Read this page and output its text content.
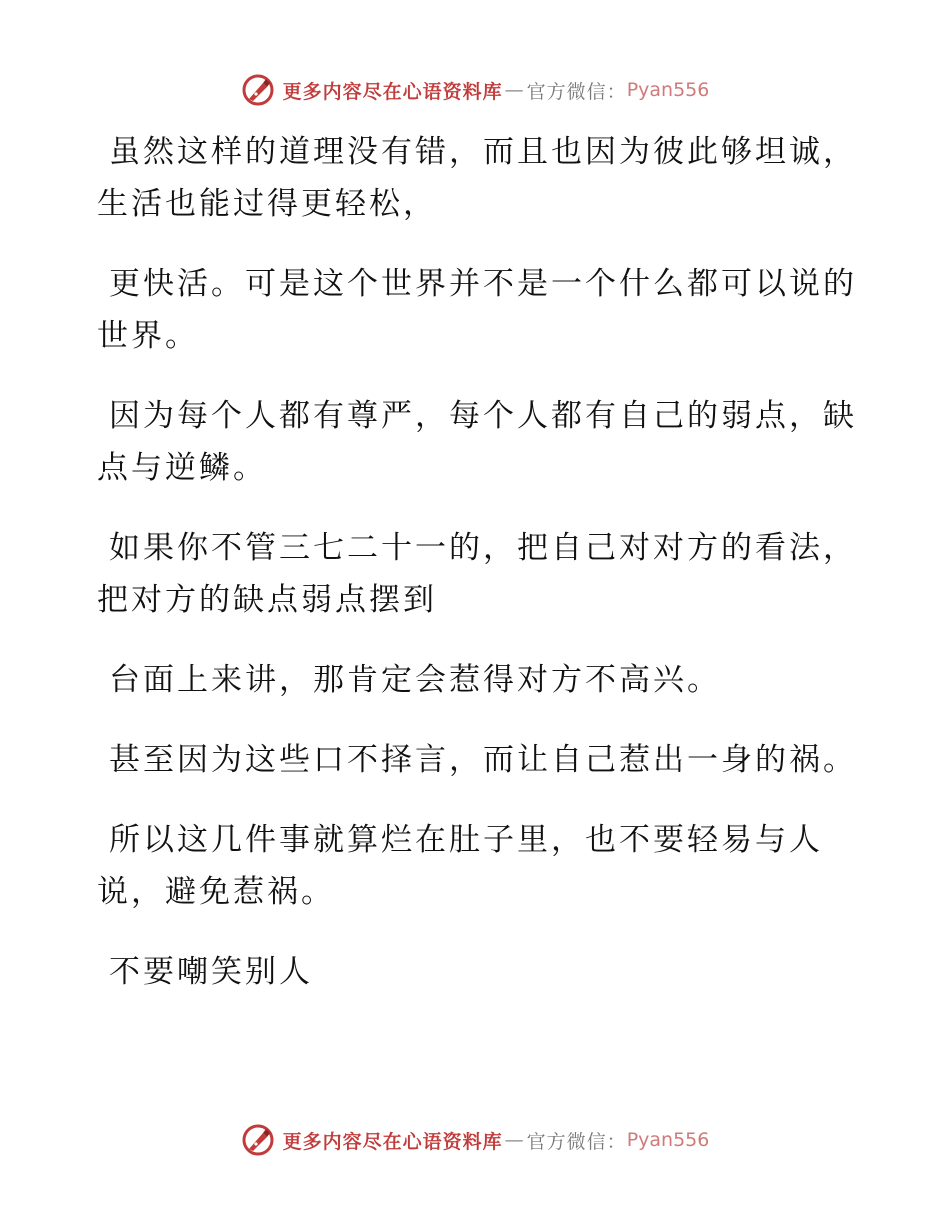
更多内容尽在心语资料库 — 官方微信： Pyan556

虽然这样的道理没有错，而且也因为彼此够坦诚，生活也能过得更轻松，

更快活。可是这个世界并不是一个什么都可以说的世界。

因为每个人都有尊严，每个人都有自己的弱点，缺点与逆鳞。

如果你不管三七二十一的，把自己对对方的看法，把对方的缺点弱点摆到

台面上来讲，那肯定会惹得对方不高兴。

甚至因为这些口不择言，而让自己惹出一身的祸。

所以这几件事就算烂在肚子里，也不要轻易与人说，避免惹祸。

不要嘲笑别人

更多内容尽在心语资料库 — 官方微信： Pyan556
